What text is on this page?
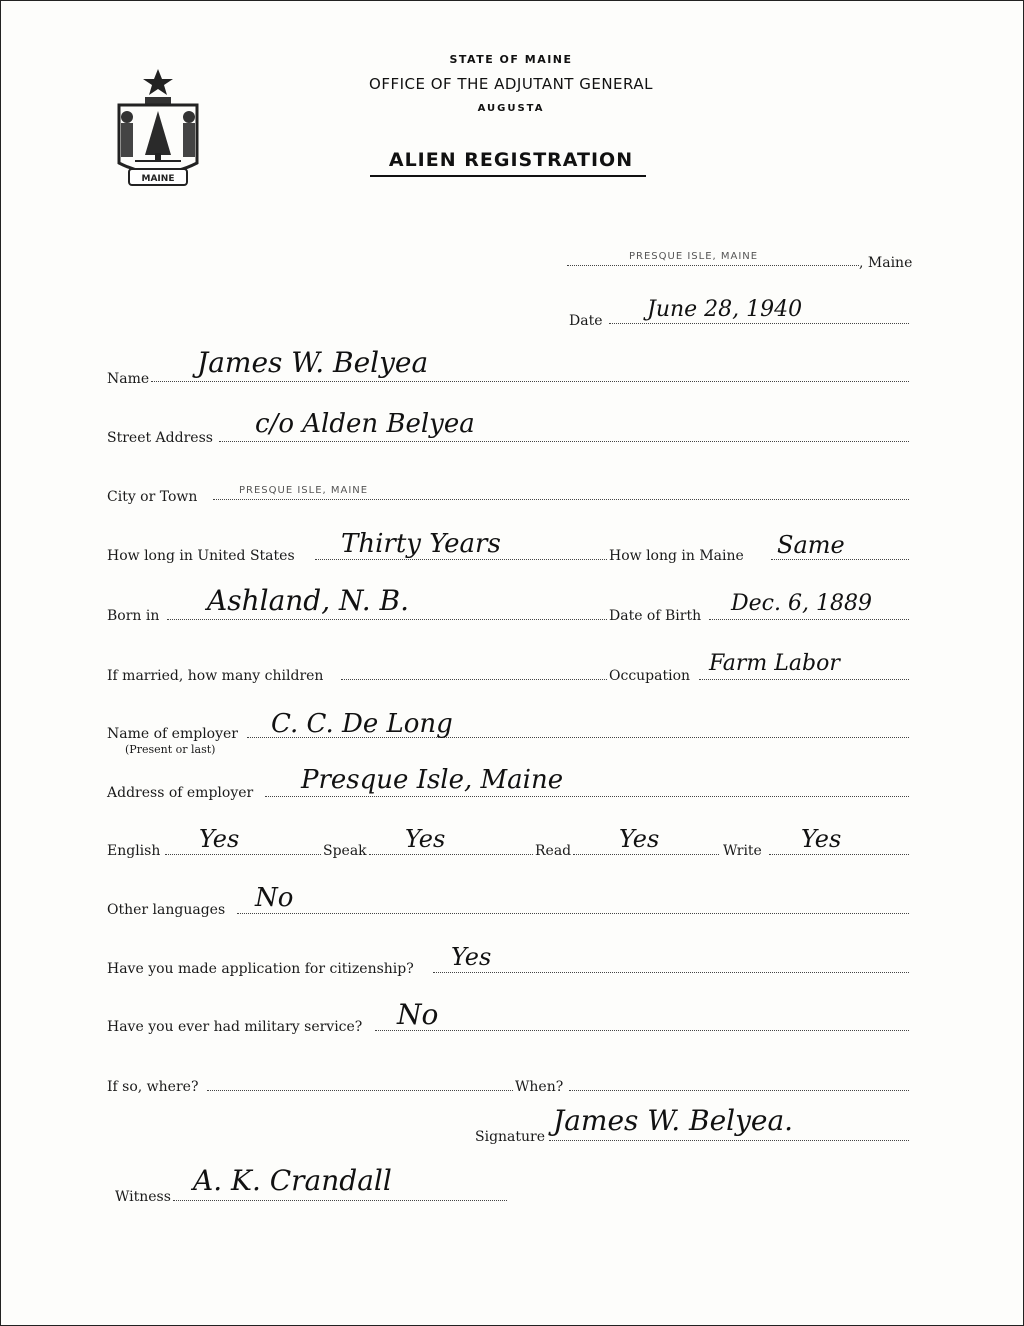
MAINE
STATE OF MAINE
OFFICE OF THE ADJUTANT GENERAL
AUGUSTA
ALIEN REGISTRATION
PRESQUE ISLE, MAINE	, Maine
Date June 28, 1940
Name James W. Belyea
Street Address c/o Alden Belyea
City or Town	PRESQUE ISLE, MAINE
How long in United States Thirty Years	How long in Maine Same
Born in Ashland, N. B.	Date of Birth Dec. 6, 1889
If married, how many children	Occupation Farm Labor
Name of employer
(Present or last)
C. C. De Long
Address of employer Presque Isle, Maine
English Yes	Speak Yes	Read Yes	Write Yes
Other languages No
Have you made application for citizenship? Yes
Have you ever had military service? No
If so, where?	When?
Signature James W. Belyea.
Witness A. K. Crandall
